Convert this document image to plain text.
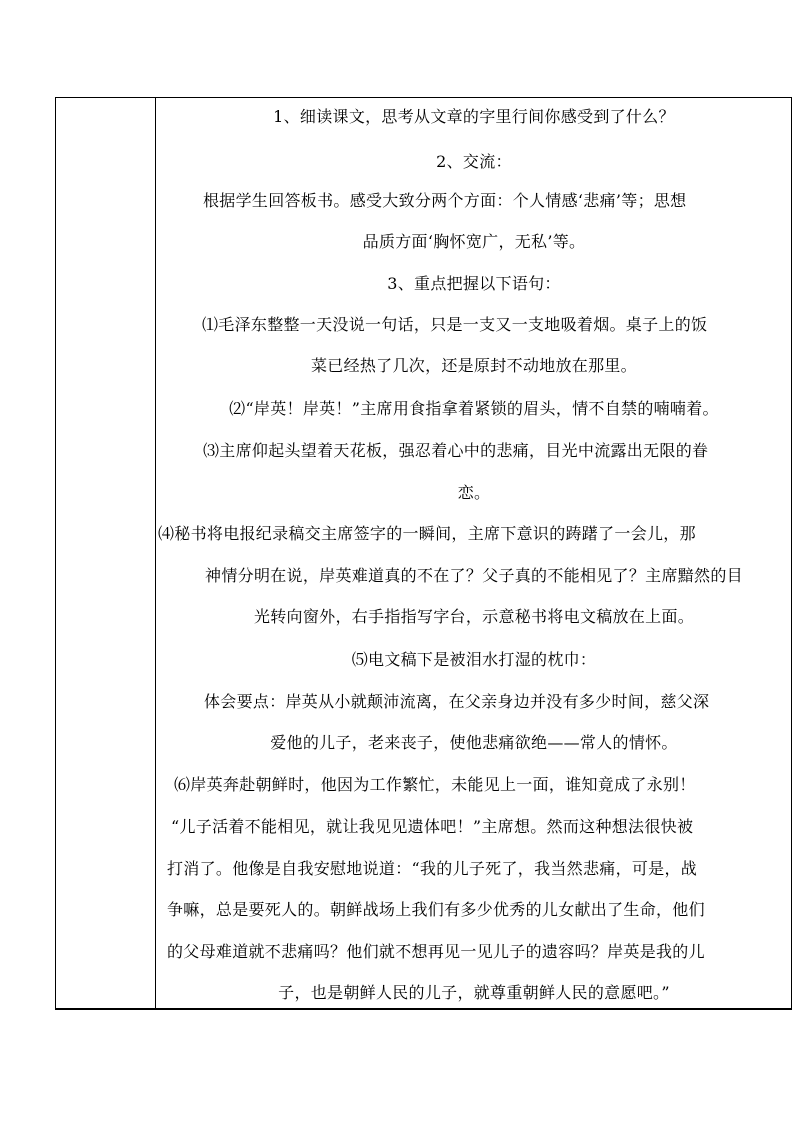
1、细读课文，思考从文章的字里行间你感受到了什么？
2、交流：
根据学生回答板书。感受大致分两个方面：个人情感‘悲痛’等；思想
品质方面‘胸怀宽广，无私’等。
3、重点把握以下语句：
⑴毛泽东整整一天没说一句话，只是一支又一支地吸着烟。桌子上的饭
菜已经热了几次，还是原封不动地放在那里。
⑵“岸英！岸英！”主席用食指拿着紧锁的眉头，情不自禁的喃喃着。
⑶主席仰起头望着天花板，强忍着心中的悲痛，目光中流露出无限的眷
恋。
⑷秘书将电报纪录稿交主席签字的一瞬间，主席下意识的踌躇了一会儿，那
神情分明在说，岸英难道真的不在了？父子真的不能相见了？主席黯然的目
光转向窗外，右手指指写字台，示意秘书将电文稿放在上面。
⑸电文稿下是被泪水打湿的枕巾：
体会要点：岸英从小就颠沛流离，在父亲身边并没有多少时间，慈父深
爱他的儿子，老来丧子，使他悲痛欲绝——常人的情怀。
⑹岸英奔赴朝鲜时，他因为工作繁忙，未能见上一面，谁知竟成了永别！
“儿子活着不能相见，就让我见见遗体吧！”主席想。然而这种想法很快被
打消了。他像是自我安慰地说道：“我的儿子死了，我当然悲痛，可是，战
争嘛，总是要死人的。朝鲜战场上我们有多少优秀的儿女献出了生命，他们
的父母难道就不悲痛吗？他们就不想再见一见儿子的遗容吗？岸英是我的儿
子，也是朝鲜人民的儿子，就尊重朝鲜人民的意愿吧。”
